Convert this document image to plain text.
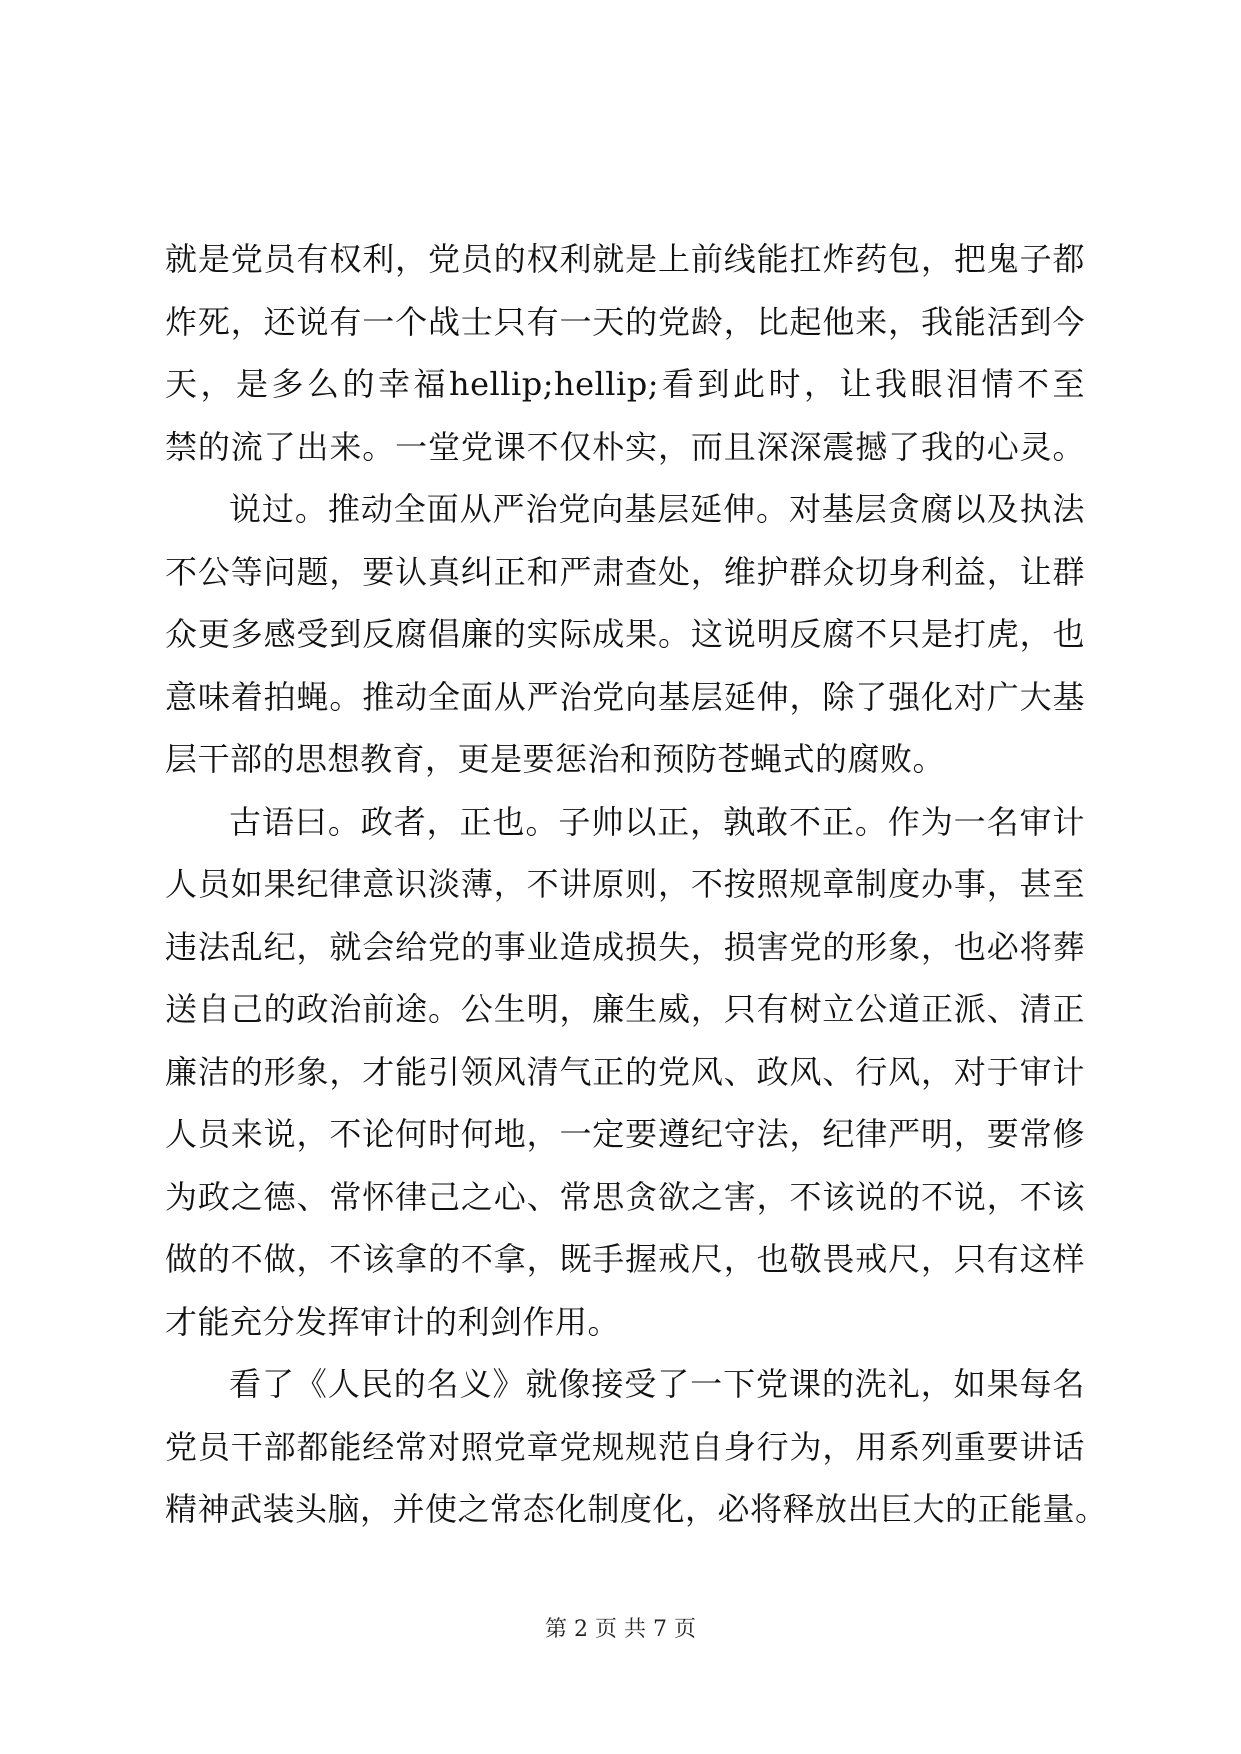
就是党员有权利，党员的权利就是上前线能扛炸药包，把鬼子都
炸死，还说有一个战士只有一天的党龄，比起他来，我能活到今
天，是多么的幸福hellip;hellip;看到此时，让我眼泪情不至
禁的流了出来。一堂党课不仅朴实，而且深深震撼了我的心灵。
说过。推动全面从严治党向基层延伸。对基层贪腐以及执法
不公等问题，要认真纠正和严肃查处，维护群众切身利益，让群
众更多感受到反腐倡廉的实际成果。这说明反腐不只是打虎，也
意味着拍蝇。推动全面从严治党向基层延伸，除了强化对广大基
层干部的思想教育，更是要惩治和预防苍蝇式的腐败。
古语曰。政者，正也。子帅以正，孰敢不正。作为一名审计
人员如果纪律意识淡薄，不讲原则，不按照规章制度办事，甚至
违法乱纪，就会给党的事业造成损失，损害党的形象，也必将葬
送自己的政治前途。公生明，廉生威，只有树立公道正派、清正
廉洁的形象，才能引领风清气正的党风、政风、行风，对于审计
人员来说，不论何时何地，一定要遵纪守法，纪律严明，要常修
为政之德、常怀律己之心、常思贪欲之害，不该说的不说，不该
做的不做，不该拿的不拿，既手握戒尺，也敬畏戒尺，只有这样
才能充分发挥审计的利剑作用。
看了《人民的名义》就像接受了一下党课的洗礼，如果每名
党员干部都能经常对照党章党规规范自身行为，用系列重要讲话
精神武装头脑，并使之常态化制度化，必将释放出巨大的正能量。
第 2 页 共 7 页
